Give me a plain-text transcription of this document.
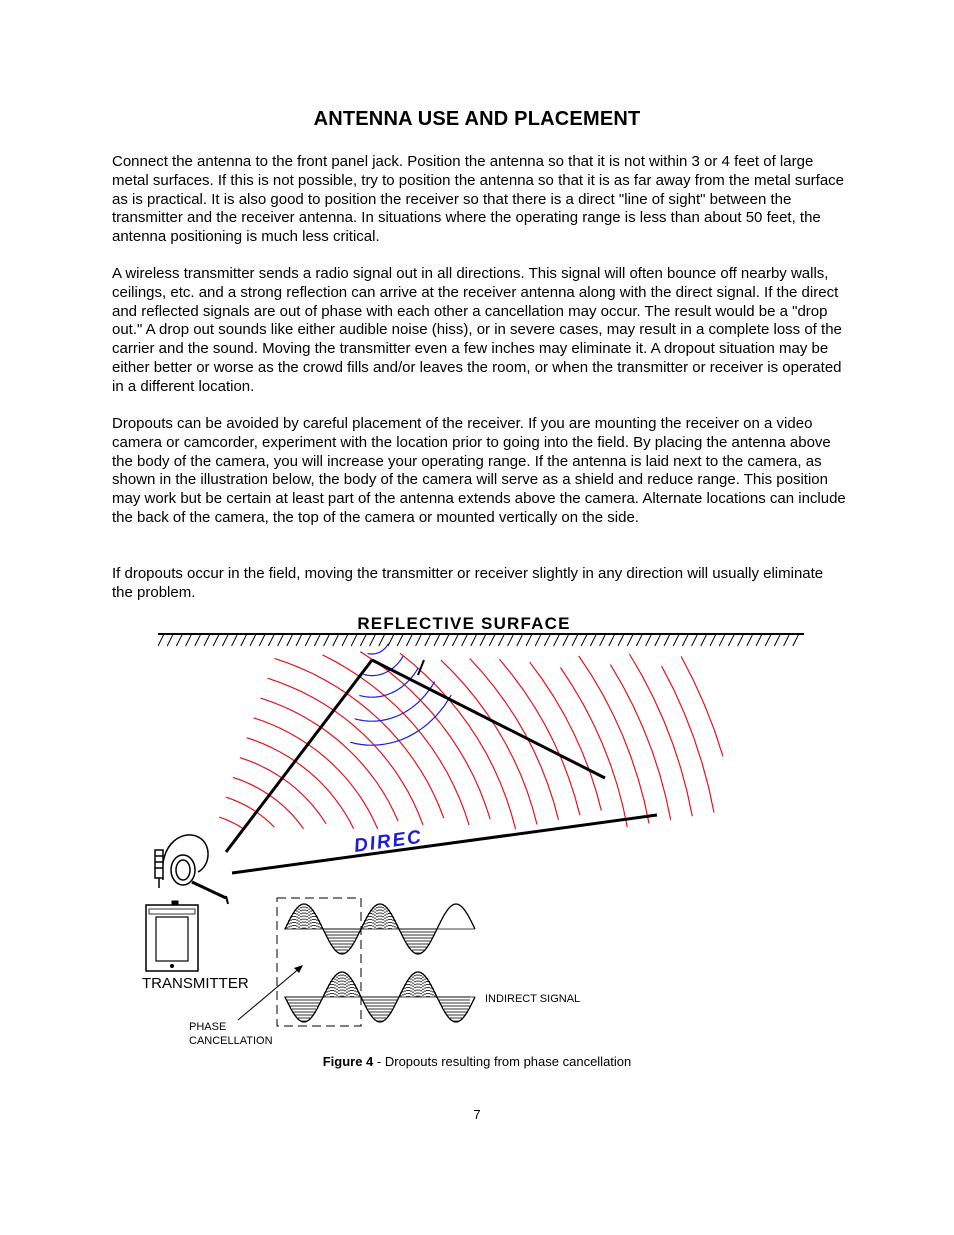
ANTENNA USE AND PLACEMENT

Connect the antenna to the front panel jack. Position the antenna so that it is not within 3 or 4 feet of large metal surfaces. If this is not possible, try to position the antenna so that it is as far away from the metal surface as is practical. It is also good to position the receiver so that there is a direct "line of sight" between the transmitter and the receiver antenna. In situations where the operating range is less than about 50 feet, the antenna positioning is much less critical.

A wireless transmitter sends a radio signal out in all directions. This signal will often bounce off nearby walls, ceilings, etc. and a strong reflection can arrive at the receiver antenna along with the direct signal. If the direct and reflected signals are out of phase with each other a cancellation may occur. The result would be a "drop out." A drop out sounds like either audible noise (hiss), or in severe cases, may result in a complete loss of the carrier and the sound. Moving the transmitter even a few inches may eliminate it. A dropout situation may be either better or worse as the crowd fills and/or leaves the room, or when the transmitter or receiver is operated in a different location.

Dropouts can be avoided by careful placement of the receiver. If you are mounting the receiver on a video camera or camcorder, experiment with the location prior to going into the field. By placing the antenna above the body of the camera, you will increase your operating range. If the antenna is laid next to the camera, as shown in the illustration below, the body of the camera will serve as a shield and reduce range. This position may work but be certain at least part of the antenna extends above the camera. Alternate locations can include the back of the camera, the top of the camera or mounted vertically on the side.

If dropouts occur in the field, moving the transmitter or receiver slightly in any direction will usually eliminate the problem.

REFLECTIVE SURFACE
DIREC
TRANSMITTER
INDIRECT SIGNAL
PHASE
CANCELLATION
Figure 4 - Dropouts resulting from phase cancellation
7
